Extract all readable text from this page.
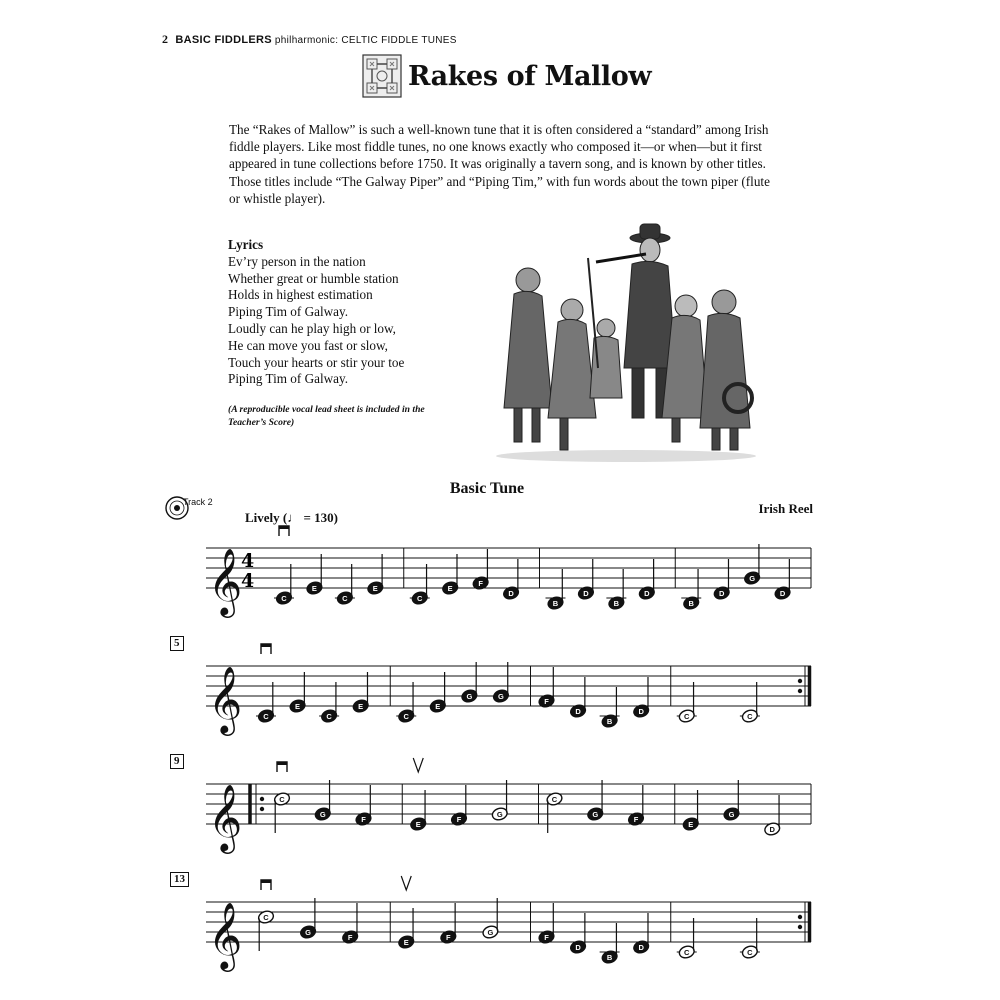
2 BASIC FIDDLERS philharmonic: CELTIC FIDDLE TUNES
Rakes of Mallow

The “Rakes of Mallow” is such a well-known tune that it is often considered a “standard” among Irish fiddle players. Like most fiddle tunes, no one knows exactly who composed it—or when—but it first appeared in tune collections before 1750. It was originally a tavern song, and is known by other titles. Those titles include “The Galway Piper” and “Piping Tim,” with fun words about the town piper (flute or whistle player).

Lyrics
Ev’ry person in the nation
Whether great or humble station
Holds in highest estimation
Piping Tim of Galway.
Loudly can he play high or low,
He can move you fast or slow,
Touch your hearts or stir your toe
Piping Tim of Galway.
(A reproducible vocal lead sheet is included in the Teacher’s Score)
Basic Tune
Track 2
Lively (♩ = 130)
Irish Reel
𝄞
4
4
C
E
C
E
C
E
F
D
B
D
B
D
B
D
G
D
𝄞	C
E
C
E
C
E
G	G
F
D
B
D
C	C
𝄞	C
G
F
E
F
G
C
G
F
E
G
D
𝄞	C
G
F
E
F
G
F
D
B
D
C	C
5
9
13
